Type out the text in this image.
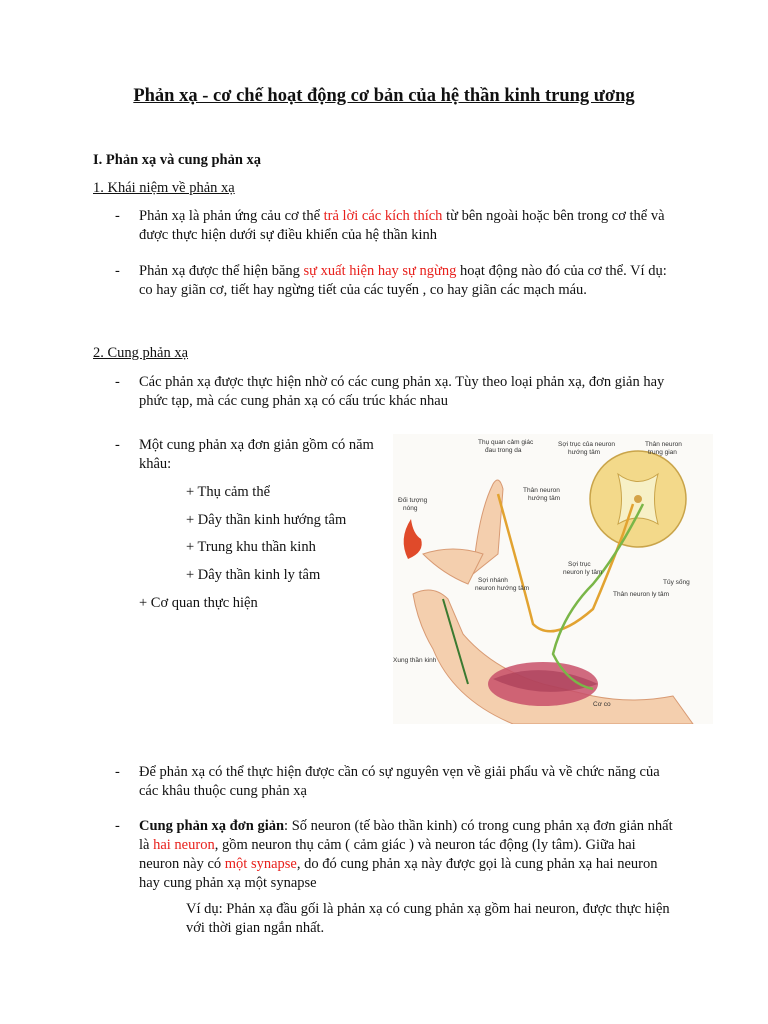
Phản xạ - cơ chế hoạt động cơ bản của hệ thần kinh trung ương
I. Phản xạ và cung phản xạ
1. Khái niệm về phản xạ
- Phản xạ là phản ứng cảu cơ thể trả lời các kích thích từ bên ngoài hoặc bên trong cơ thể và được thực hiện dưới sự điều khiển của hệ thần kinh
- Phản xạ được thể hiện băng sự xuất hiện hay sự ngừng hoạt động nào đó của cơ thể. Ví dụ: co hay giãn cơ, tiết hay ngừng tiết của các tuyến , co hay giãn các mạch máu.
2. Cung phản xạ
- Các phản xạ được thực hiện nhờ có các cung phản xạ. Tùy theo loại phản xạ, đơn giản hay phức tạp, mà các cung phản xạ có cấu trúc khác nhau
- Một cung phản xạ đơn giản gồm có năm khâu:
+ Thụ cảm thể
+ Dây thần kinh hướng tâm
+ Trung khu thần kinh
+ Dây thần kinh ly tâm
+ Cơ quan thực hiện
Thụ quan cảm giác
đau trong da
Sợi trục của neuron
hướng tâm
Thân neuron
trung gian
Đối tượng
nóng
Thân neuron
hướng tâm
Sợi trục
neuron ly tâm
Sợi nhánh
neuron hướng tâm
Tủy sống
Thân neuron ly tâm
Xung thần kinh
Cơ co
- Để phản xạ có thể thực hiện được cần có sự nguyên vẹn về giải phẩu và về chức năng của các khâu thuộc cung phản xạ
- Cung phản xạ đơn giản: Số neuron (tế bào thần kinh) có trong cung phản xạ đơn giản nhất là hai neuron, gồm neuron thụ cảm ( cảm giác ) và neuron tác động (ly tâm). Giữa hai neuron này có một synapse, do đó cung phản xạ này được gọi là cung phản xạ hai neuron hay cung phản xạ một synapse
Ví dụ: Phản xạ đầu gối là phản xạ có cung phản xạ gồm hai neuron, được thực hiện với thời gian ngắn nhất.
